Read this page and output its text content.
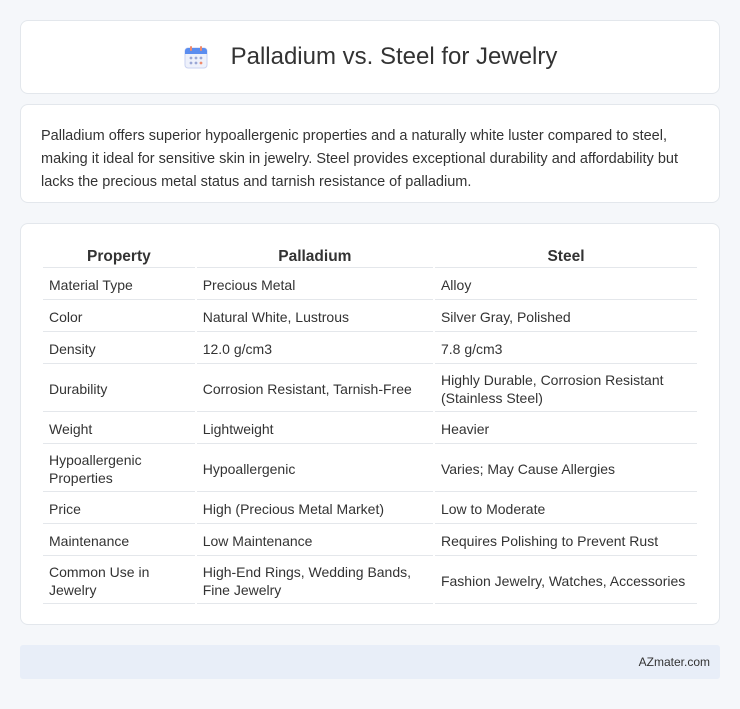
Palladium vs. Steel for Jewelry
Palladium offers superior hypoallergenic properties and a naturally white luster compared to steel, making it ideal for sensitive skin in jewelry. Steel provides exceptional durability and affordability but lacks the precious metal status and tarnish resistance of palladium.
Property	Palladium	Steel
Material Type	Precious Metal	Alloy
Color	Natural White, Lustrous	Silver Gray, Polished
Density	12.0 g/cm3	7.8 g/cm3
Durability	Corrosion Resistant, Tarnish-Free	Highly Durable, Corrosion Resistant (Stainless Steel)
Weight	Lightweight	Heavier
Hypoallergenic Properties	Hypoallergenic	Varies; May Cause Allergies
Price	High (Precious Metal Market)	Low to Moderate
Maintenance	Low Maintenance	Requires Polishing to Prevent Rust
Common Use in Jewelry	High-End Rings, Wedding Bands, Fine Jewelry	Fashion Jewelry, Watches, Accessories
AZmater.com
